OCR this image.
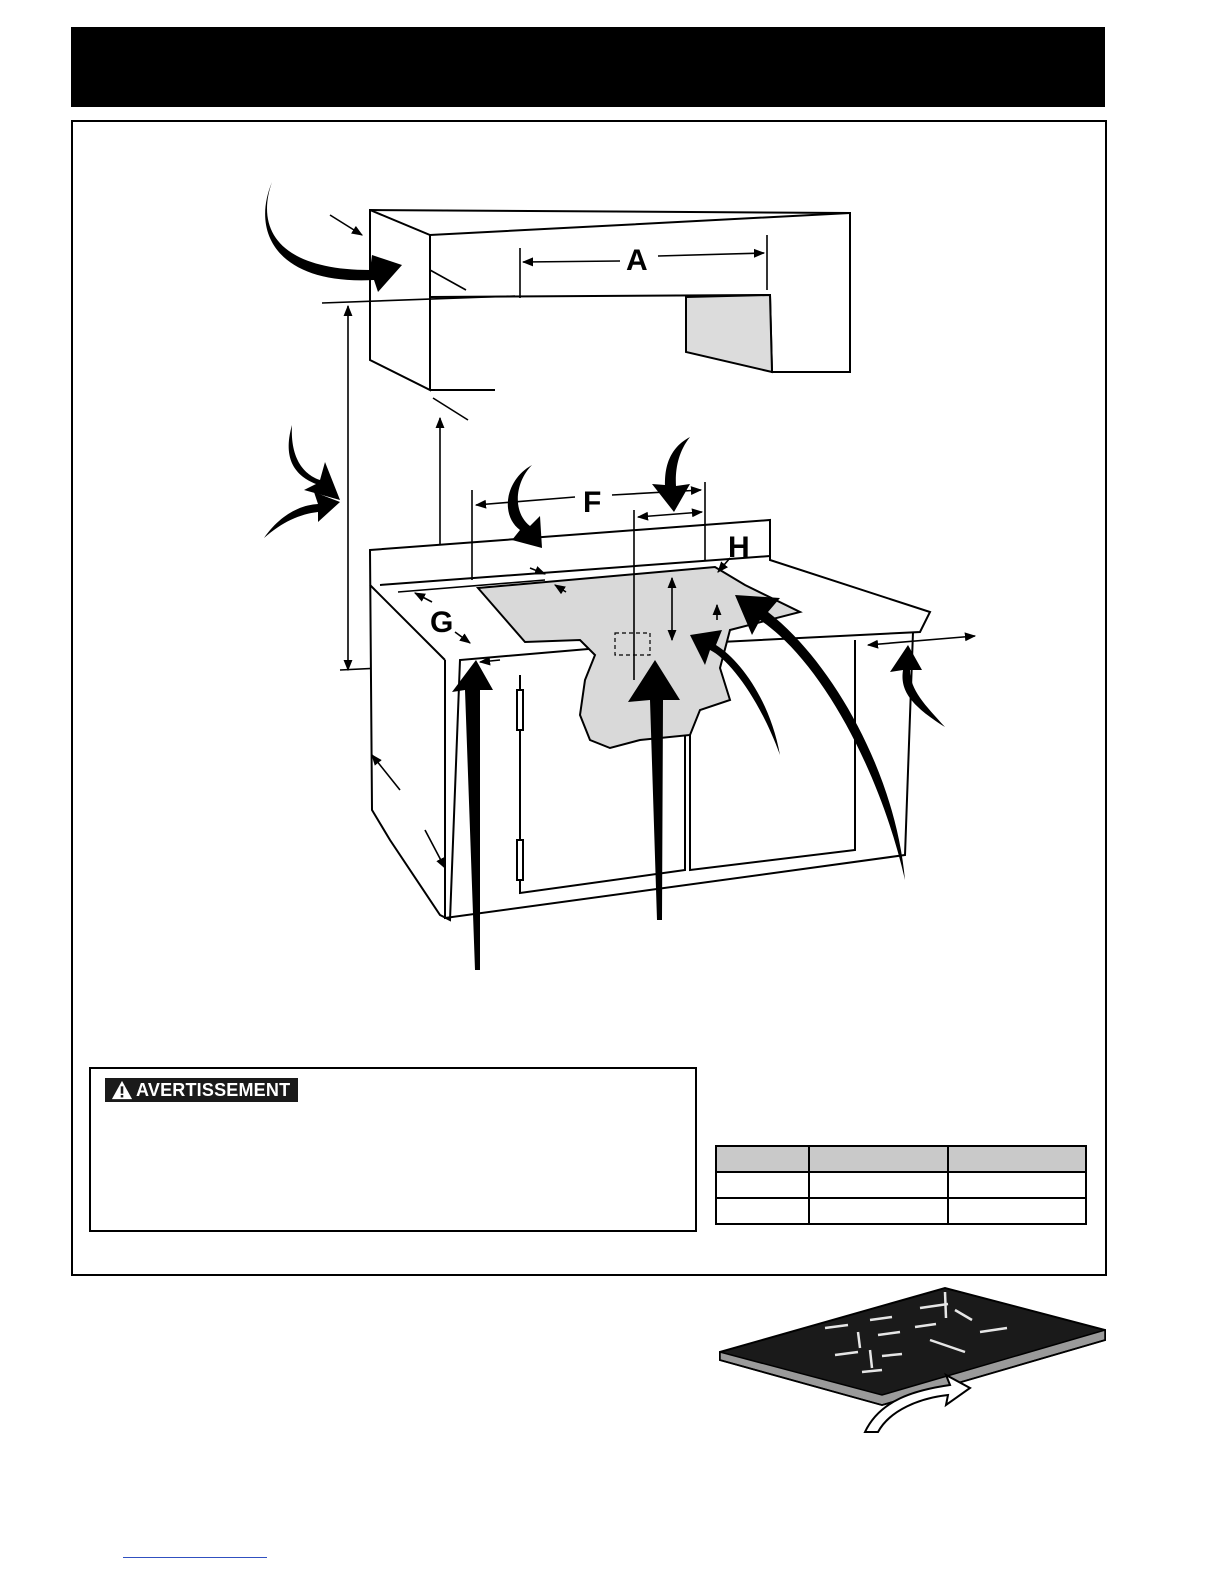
A
F
G
H
AVERTISSEMENT
